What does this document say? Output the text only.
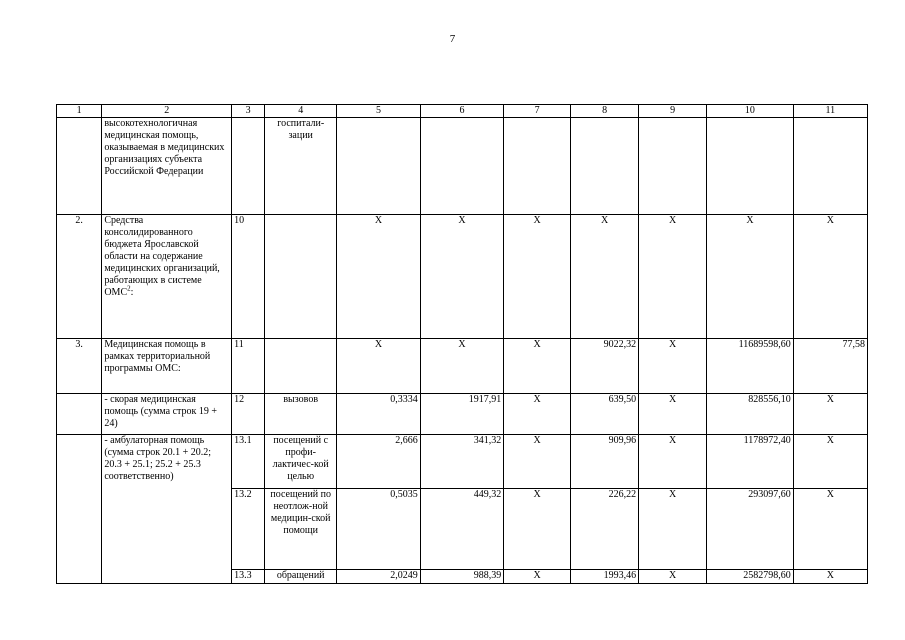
7
1	2	3	4	5	6	7	8	9	10	11
	высокотехнологичная медицинская помощь, оказываемая в медицинских организациях субъекта Российской Федерации		госпитали-зации							
2.	Средства консолидированного бюджета Ярославской области на содержание медицинских организаций, работающих в системе ОМС$^2$:	10		Х	Х	Х	Х	Х	Х	Х
3.	Медицинская помощь в рамках территориальной программы ОМС:	11		Х	Х	Х	9022,32	Х	11689598,60	77,58
	- скорая медицинская помощь (сумма строк 19 + 24)	12	вызовов	0,3334	1917,91	Х	639,50	Х	828556,10	Х
	- амбулаторная помощь (сумма строк 20.1 + 20.2; 20.3 + 25.1; 25.2 + 25.3 соответственно)	13.1	посещений с профи-лактичес-кой целью	2,666	341,32	Х	909,96	Х	1178972,40	Х
		13.2	посещений по неотлож-ной медицин-ской помощи	0,5035	449,32	Х	226,22	Х	293097,60	Х
		13.3	обращений	2,0249	988,39	Х	1993,46	Х	2582798,60	Х
